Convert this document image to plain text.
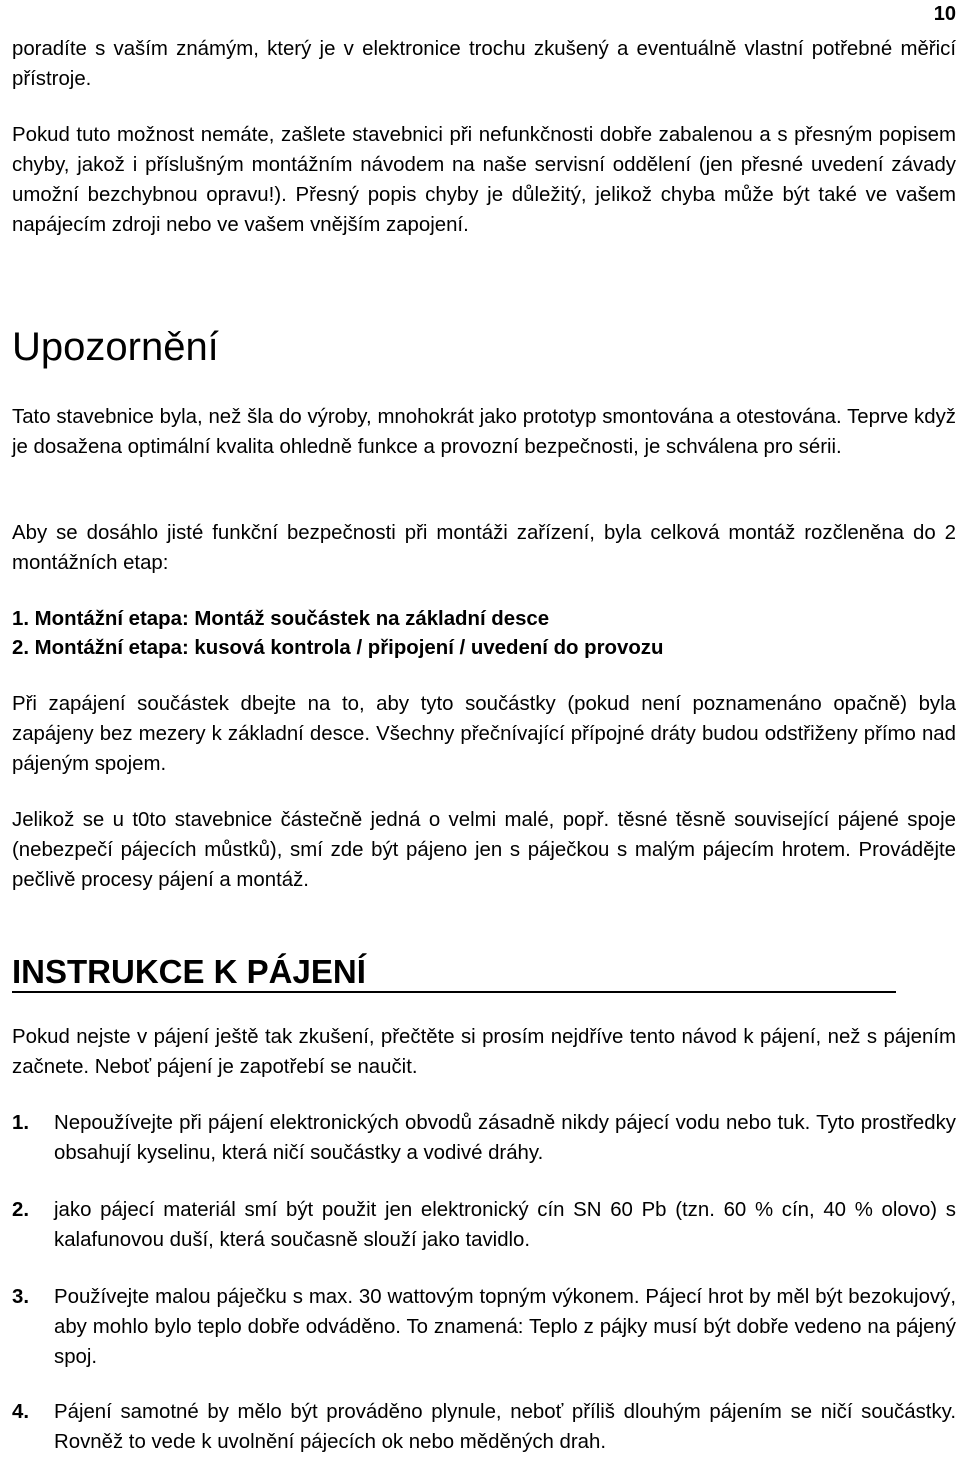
10

poradíte s vaším známým, který je v elektronice trochu zkušený a eventuálně vlastní potřebné měřicí přístroje.

Pokud tuto možnost nemáte, zašlete stavebnici při nefunkčnosti dobře zabalenou a s přesným popisem chyby, jakož i příslušným montážním návodem na naše servisní oddělení (jen přesné uvedení závady umožní bezchybnou opravu!). Přesný popis chyby je důležitý, jelikož chyba může být také ve vašem napájecím zdroji nebo ve vašem vnějším zapojení.

Upozornění

Tato stavebnice byla, než šla do výroby, mnohokrát jako prototyp smontována a otestována. Teprve když je dosažena optimální kvalita ohledně funkce a provozní bezpečnosti, je schválena pro sérii.

Aby se dosáhlo jisté funkční bezpečnosti při montáži zařízení, byla celková montáž rozčleněna do 2 montážních etap:

1. Montážní etapa: Montáž součástek na základní desce
2. Montážní etapa: kusová kontrola / připojení / uvedení do provozu

Při zapájení součástek dbejte na to, aby tyto součástky (pokud není poznamenáno opačně) byla zapájeny bez mezery k základní desce. Všechny přečnívající přípojné dráty budou odstřiženy přímo nad pájeným spojem.

Jelikož se u t0to stavebnice částečně jedná o velmi malé, popř. těsné těsně související pájené spoje (nebezpečí pájecích můstků), smí zde být pájeno jen s páječkou s malým pájecím hrotem. Provádějte pečlivě procesy pájení a montáž.

INSTRUKCE K PÁJENÍ

Pokud nejste v pájení ještě tak zkušení, přečtěte si prosím nejdříve tento návod k pájení, než s pájením začnete. Neboť pájení je zapotřebí se naučit.

1. Nepoužívejte při pájení elektronických obvodů zásadně nikdy pájecí vodu nebo tuk. Tyto prostředky obsahují kyselinu, která ničí součástky a vodivé dráhy.

2. jako pájecí materiál smí být použit jen elektronický cín SN 60 Pb (tzn. 60 % cín, 40 % olovo) s kalafunovou duší, která současně slouží jako tavidlo.

3. Používejte malou páječku s max. 30 wattovým topným výkonem. Pájecí hrot by měl být bezokujový, aby mohlo bylo teplo dobře odváděno. To znamená: Teplo z pájky musí být dobře vedeno na pájený spoj.

4. Pájení samotné by mělo být prováděno plynule, neboť příliš dlouhým pájením se ničí součástky. Rovněž to vede k uvolnění pájecích ok nebo měděných drah.
